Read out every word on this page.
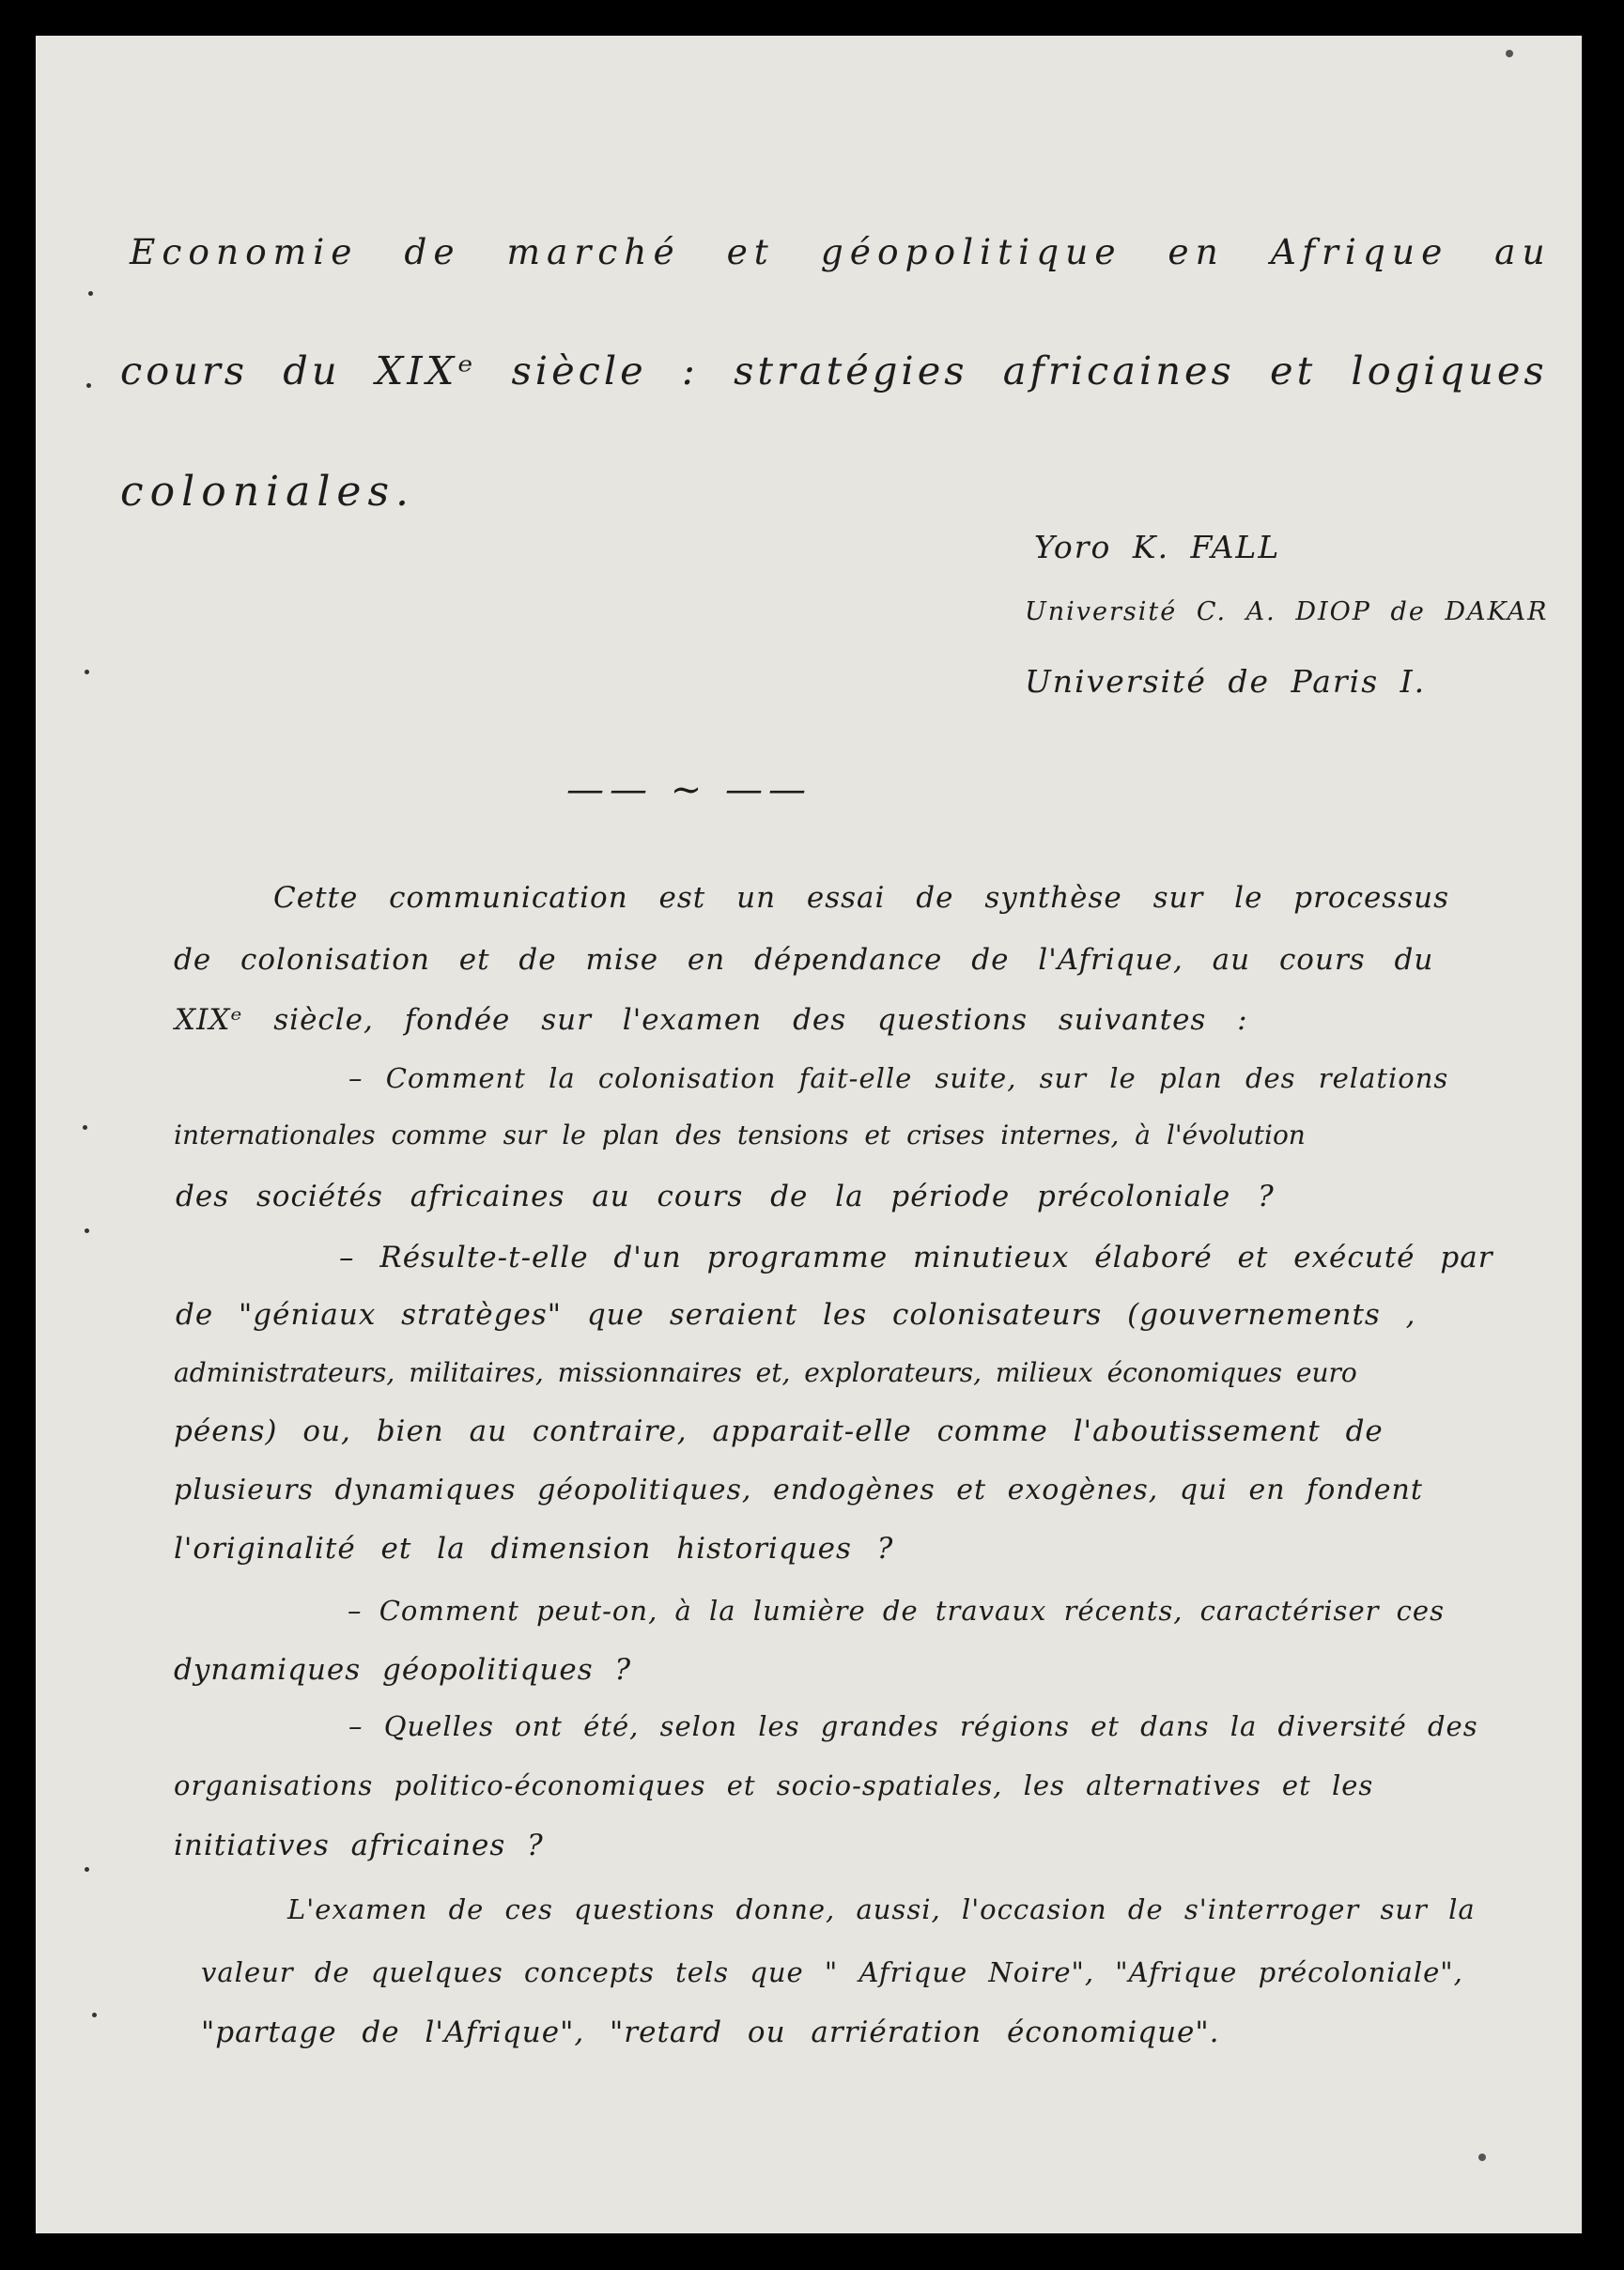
Economie de marché et géopolitique en Afrique au

cours du XIXᵉ siècle : stratégies africaines et logiques

coloniales.

Yoro K. FALL

Université C. A. DIOP de DAKAR

Université de Paris I.

—— ~ ——

Cette communication est un essai de synthèse sur le processus

de colonisation et de mise en dépendance de l'Afrique, au cours du

XIXᵉ siècle, fondée sur l'examen des questions suivantes :

– Comment la colonisation fait-elle suite, sur le plan des relations

internationales comme sur le plan des tensions et crises internes, à l'évolution

des sociétés africaines au cours de la période précoloniale ?

– Résulte-t-elle d'un programme minutieux élaboré et exécuté par

de "géniaux stratèges" que seraient les colonisateurs (gouvernements ,

administrateurs, militaires, missionnaires et, explorateurs, milieux économiques euro

péens) ou, bien au contraire, apparait-elle comme l'aboutissement de

plusieurs dynamiques géopolitiques, endogènes et exogènes, qui en fondent

l'originalité et la dimension historiques ?

– Comment peut-on, à la lumière de travaux récents, caractériser ces

dynamiques géopolitiques ?

– Quelles ont été, selon les grandes régions et dans la diversité des

organisations politico-économiques et socio-spatiales, les alternatives et les

initiatives africaines ?

L'examen de ces questions donne, aussi, l'occasion de s'interroger sur la

valeur de quelques concepts tels que " Afrique Noire", "Afrique précoloniale",

"partage de l'Afrique", "retard ou arriération économique".
